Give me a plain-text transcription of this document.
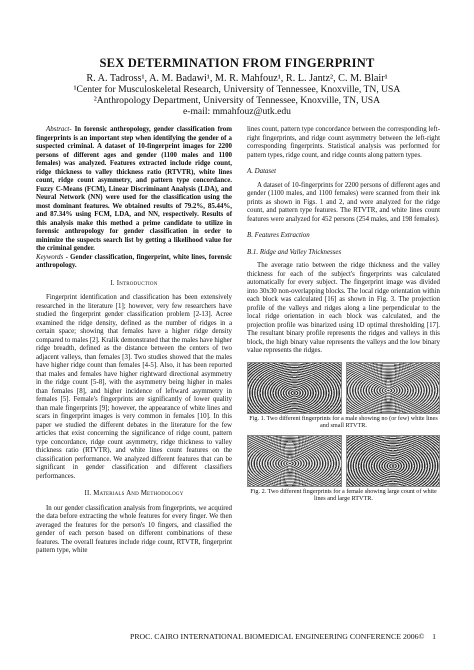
SEX DETERMINATION FROM FINGERPRINT
R. A. Tadross¹, A. M. Badawi¹, M. R. Mahfouz¹, R. L. Jantz², C. M. Blair¹
¹Center for Musculoskeletal Research, University of Tennessee, Knoxville, TN, USA
²Anthropology Department, University of Tennessee, Knoxville, TN, USA
e-mail: mmahfouz@utk.edu

Abstract- In forensic anthropology, gender classification from fingerprints is an important step when identifying the gender of a suspected criminal. A dataset of 10-fingerprint images for 2200 persons of different ages and gender (1100 males and 1100 females) was analyzed. Features extracted include ridge count, ridge thickness to valley thickness ratio (RTVTR), white lines count, ridge count asymmetry, and pattern type concordance. Fuzzy C-Means (FCM), Linear Discriminant Analysis (LDA), and Neural Network (NN) were used for the classification using the most dominant features. We obtained results of 79.2%, 85.44%, and 87.34% using FCM, LDA, and NN, respectively. Results of this analysis make this method a prime candidate to utilize in forensic anthropology for gender classification in order to minimize the suspects search list by getting a likelihood value for the criminal gender.

Keywords - Gender classification, fingerprint, white lines, forensic anthropology.

I. Introduction

Fingerprint identification and classification has been extensively researched in the literature [1]; however, very few researchers have studied the fingerprint gender classification problem [2-13]. Acree examined the ridge density, defined as the number of ridges in a certain space; showing that females have a higher ridge density compared to males [2]. Kralik demonstrated that the males have higher ridge breadth, defined as the distance between the centers of two adjacent valleys, than females [3]. Two studies showed that the males have higher ridge count than females [4-5]. Also, it has been reported that males and females have higher rightward directional asymmetry in the ridge count [5-8], with the asymmetry being higher in males than females [8], and higher incidence of leftward asymmetry in females [5]. Female's fingerprints are significantly of lower quality than male fingerprints [9]; however, the appearance of white lines and scars in fingerprint images is very common in females [10]. In this paper we studied the different debates in the literature for the few articles that exist concerning the significance of ridge count, pattern type concordance, ridge count asymmetry, ridge thickness to valley thickness ratio (RTVTR), and white lines count features on the classification performance. We analyzed different features that can be significant in gender classification and different classifiers performances.

II. Materials And Methodology

In our gender classification analysis from fingerprints, we acquired the data before extracting the whole features for every finger. We then averaged the features for the person's 10 fingers, and classified the gender of each person based on different combinations of these features. The overall features include ridge count, RTVTR, fingerprint pattern type, white

lines count, pattern type concordance between the corresponding left-right fingerprints, and ridge count asymmetry between the left-right corresponding fingerprints. Statistical analysis was performed for pattern types, ridge count, and ridge counts along pattern types.

A. Dataset

A dataset of 10-fingerprints for 2200 persons of different ages and gender (1100 males, and 1100 females) were scanned from their ink prints as shown in Figs. 1 and 2, and were analyzed for the ridge count, and pattern type features. The RTVTR, and white lines count features were analyzed for 452 persons (254 males, and 198 females).

B. Features Extraction
B.1. Ridge and Valley Thicknesses

The average ratio between the ridge thickness and the valley thickness for each of the subject's fingerprints was calculated automatically for every subject. The fingerprint image was divided into 30x30 non-overlapping blocks. The local ridge orientation within each block was calculated [16] as shown in Fig. 3. The projection profile of the valleys and ridges along a line perpendicular to the local ridge orientation in each block was calculated, and the projection profile was binarized using 1D optimal thresholding [17]. The resultant binary profile represents the ridges and valleys in this block, the high binary value represents the valleys and the low binary value represents the ridges.

Fig. 1. Two different fingerprints for a male showing no (or few) white lines and small RTVTR.
Fig. 2. Two different fingerprints for a female showing large count of white lines and large RTVTR.
PROC. CAIRO INTERNATIONAL BIOMEDICAL ENGINEERING CONFERENCE 2006© 1
